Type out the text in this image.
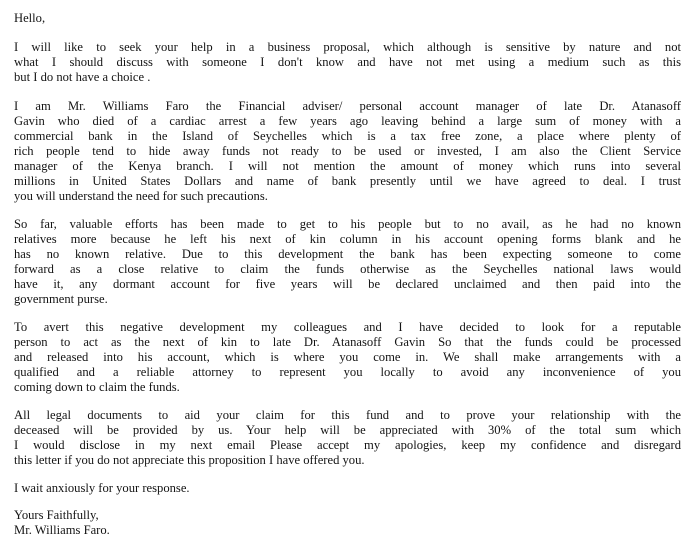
Hello,
I will like to seek your help in a business proposal, which although is sensitive by nature and not
what I should discuss with someone I don't know and have not met using a medium such as this
but I do not have a choice .
I am Mr. Williams Faro the Financial adviser/ personal account manager of late Dr. Atanasoff
Gavin who died of a cardiac arrest a few years ago leaving behind a large sum of money with a
commercial bank in the Island of Seychelles which is a tax free zone, a place where plenty of
rich people tend to hide away funds not ready to be used or invested, I am also the Client Service
manager of the Kenya branch. I will not mention the amount of money which runs into several
millions in United States Dollars and name of bank presently until we have agreed to deal. I trust
you will understand the need for such precautions.
So far, valuable efforts has been made to get to his people but to no avail, as he had no known
relatives more because he left his next of kin column in his account opening forms blank and he
has no known relative. Due to this development the bank has been expecting someone to come
forward as a close relative to claim the funds otherwise as the Seychelles national laws would
have it, any dormant account for five years will be declared unclaimed and then paid into the
government purse.
To avert this negative development my colleagues and I have decided to look for a reputable
person to act as the next of kin to late Dr. Atanasoff Gavin So that the funds could be processed
and released into his account, which is where you come in. We shall make arrangements with a
qualified and a reliable attorney to represent you locally to avoid any inconvenience of you
coming down to claim the funds.
All legal documents to aid your claim for this fund and to prove your relationship with the
deceased will be provided by us. Your help will be appreciated with 30% of the total sum which
I would disclose in my next email Please accept my apologies, keep my confidence and disregard
this letter if you do not appreciate this proposition I have offered you.
I wait anxiously for your response.
Yours Faithfully,
Mr. Williams Faro.
